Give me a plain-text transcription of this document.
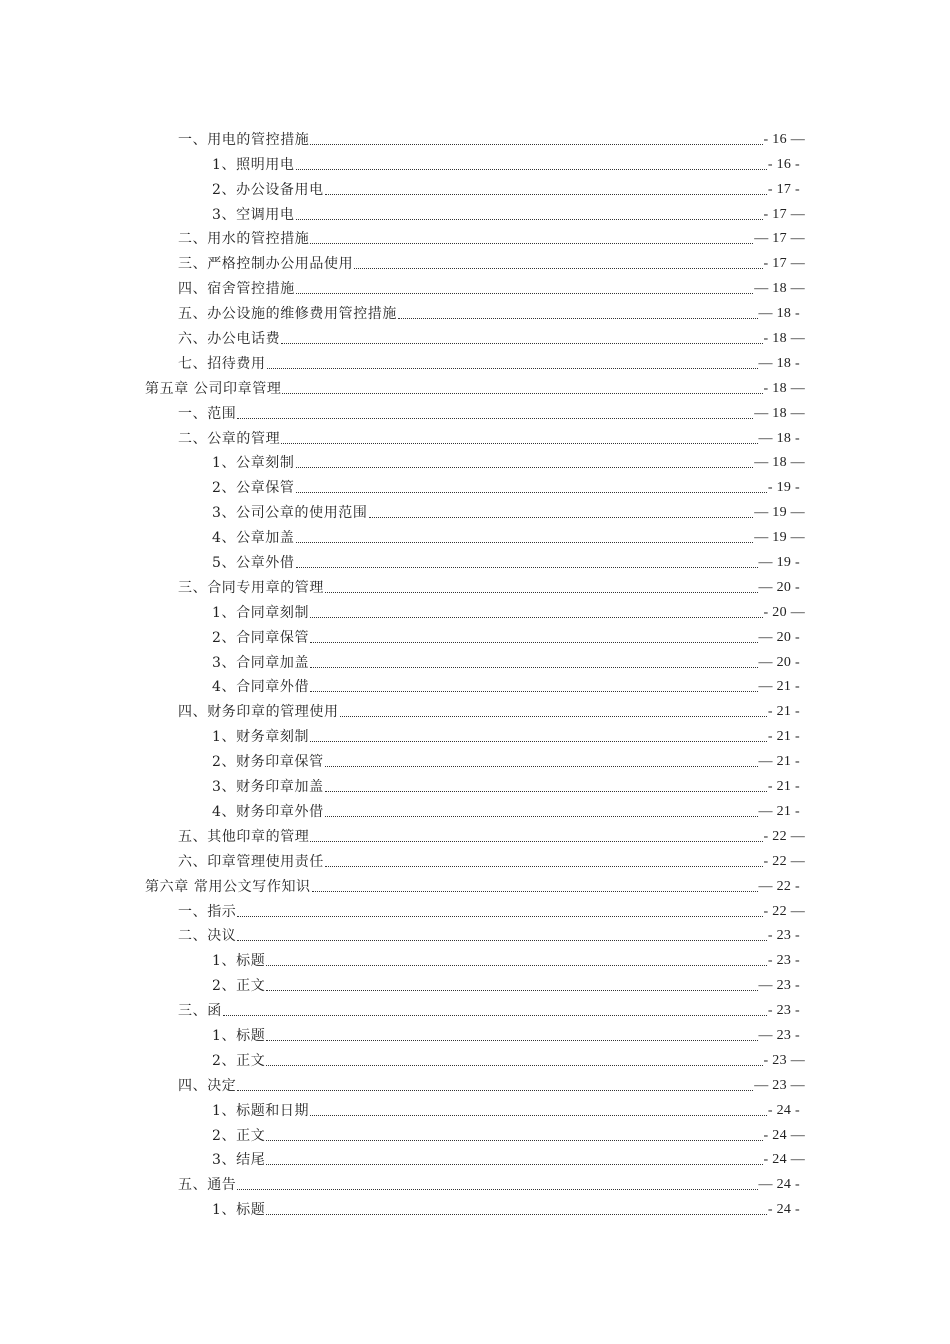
一、用电的管控措施	- 16 —
1、照明用电	- 16 -
2、办公设备用电	- 17 -
3、空调用电	- 17 —
二、用水的管控措施	— 17 —
三、严格控制办公用品使用	- 17 —
四、宿舍管控措施	— 18 —
五、办公设施的维修费用管控措施	— 18 -
六、办公电话费	- 18 —
七、招待费用	— 18 -
第五章 公司印章管理	- 18 —
一、范围	— 18 —
二、公章的管理	— 18 -
1、公章刻制	— 18 —
2、公章保管	- 19 -
3、公司公章的使用范围	— 19 —
4、公章加盖	— 19 —
5、公章外借	— 19 -
三、合同专用章的管理	— 20 -
1、合同章刻制	- 20 —
2、合同章保管	— 20 -
3、合同章加盖	— 20 -
4、合同章外借	— 21 -
四、财务印章的管理使用	- 21 -
1、财务章刻制	- 21 -
2、财务印章保管	— 21 -
3、财务印章加盖	- 21 -
4、财务印章外借	— 21 -
五、其他印章的管理	- 22 —
六、印章管理使用责任	- 22 —
第六章 常用公文写作知识	— 22 -
一、指示	- 22 —
二、决议	- 23 -
1、标题	- 23 -
2、正文	— 23 -
三、函	- 23 -
1、标题	— 23 -
2、正文	- 23 —
四、决定	— 23 —
1、标题和日期	- 24 -
2、正文	- 24 —
3、结尾	- 24 —
五、通告	— 24 -
1、标题	- 24 -
